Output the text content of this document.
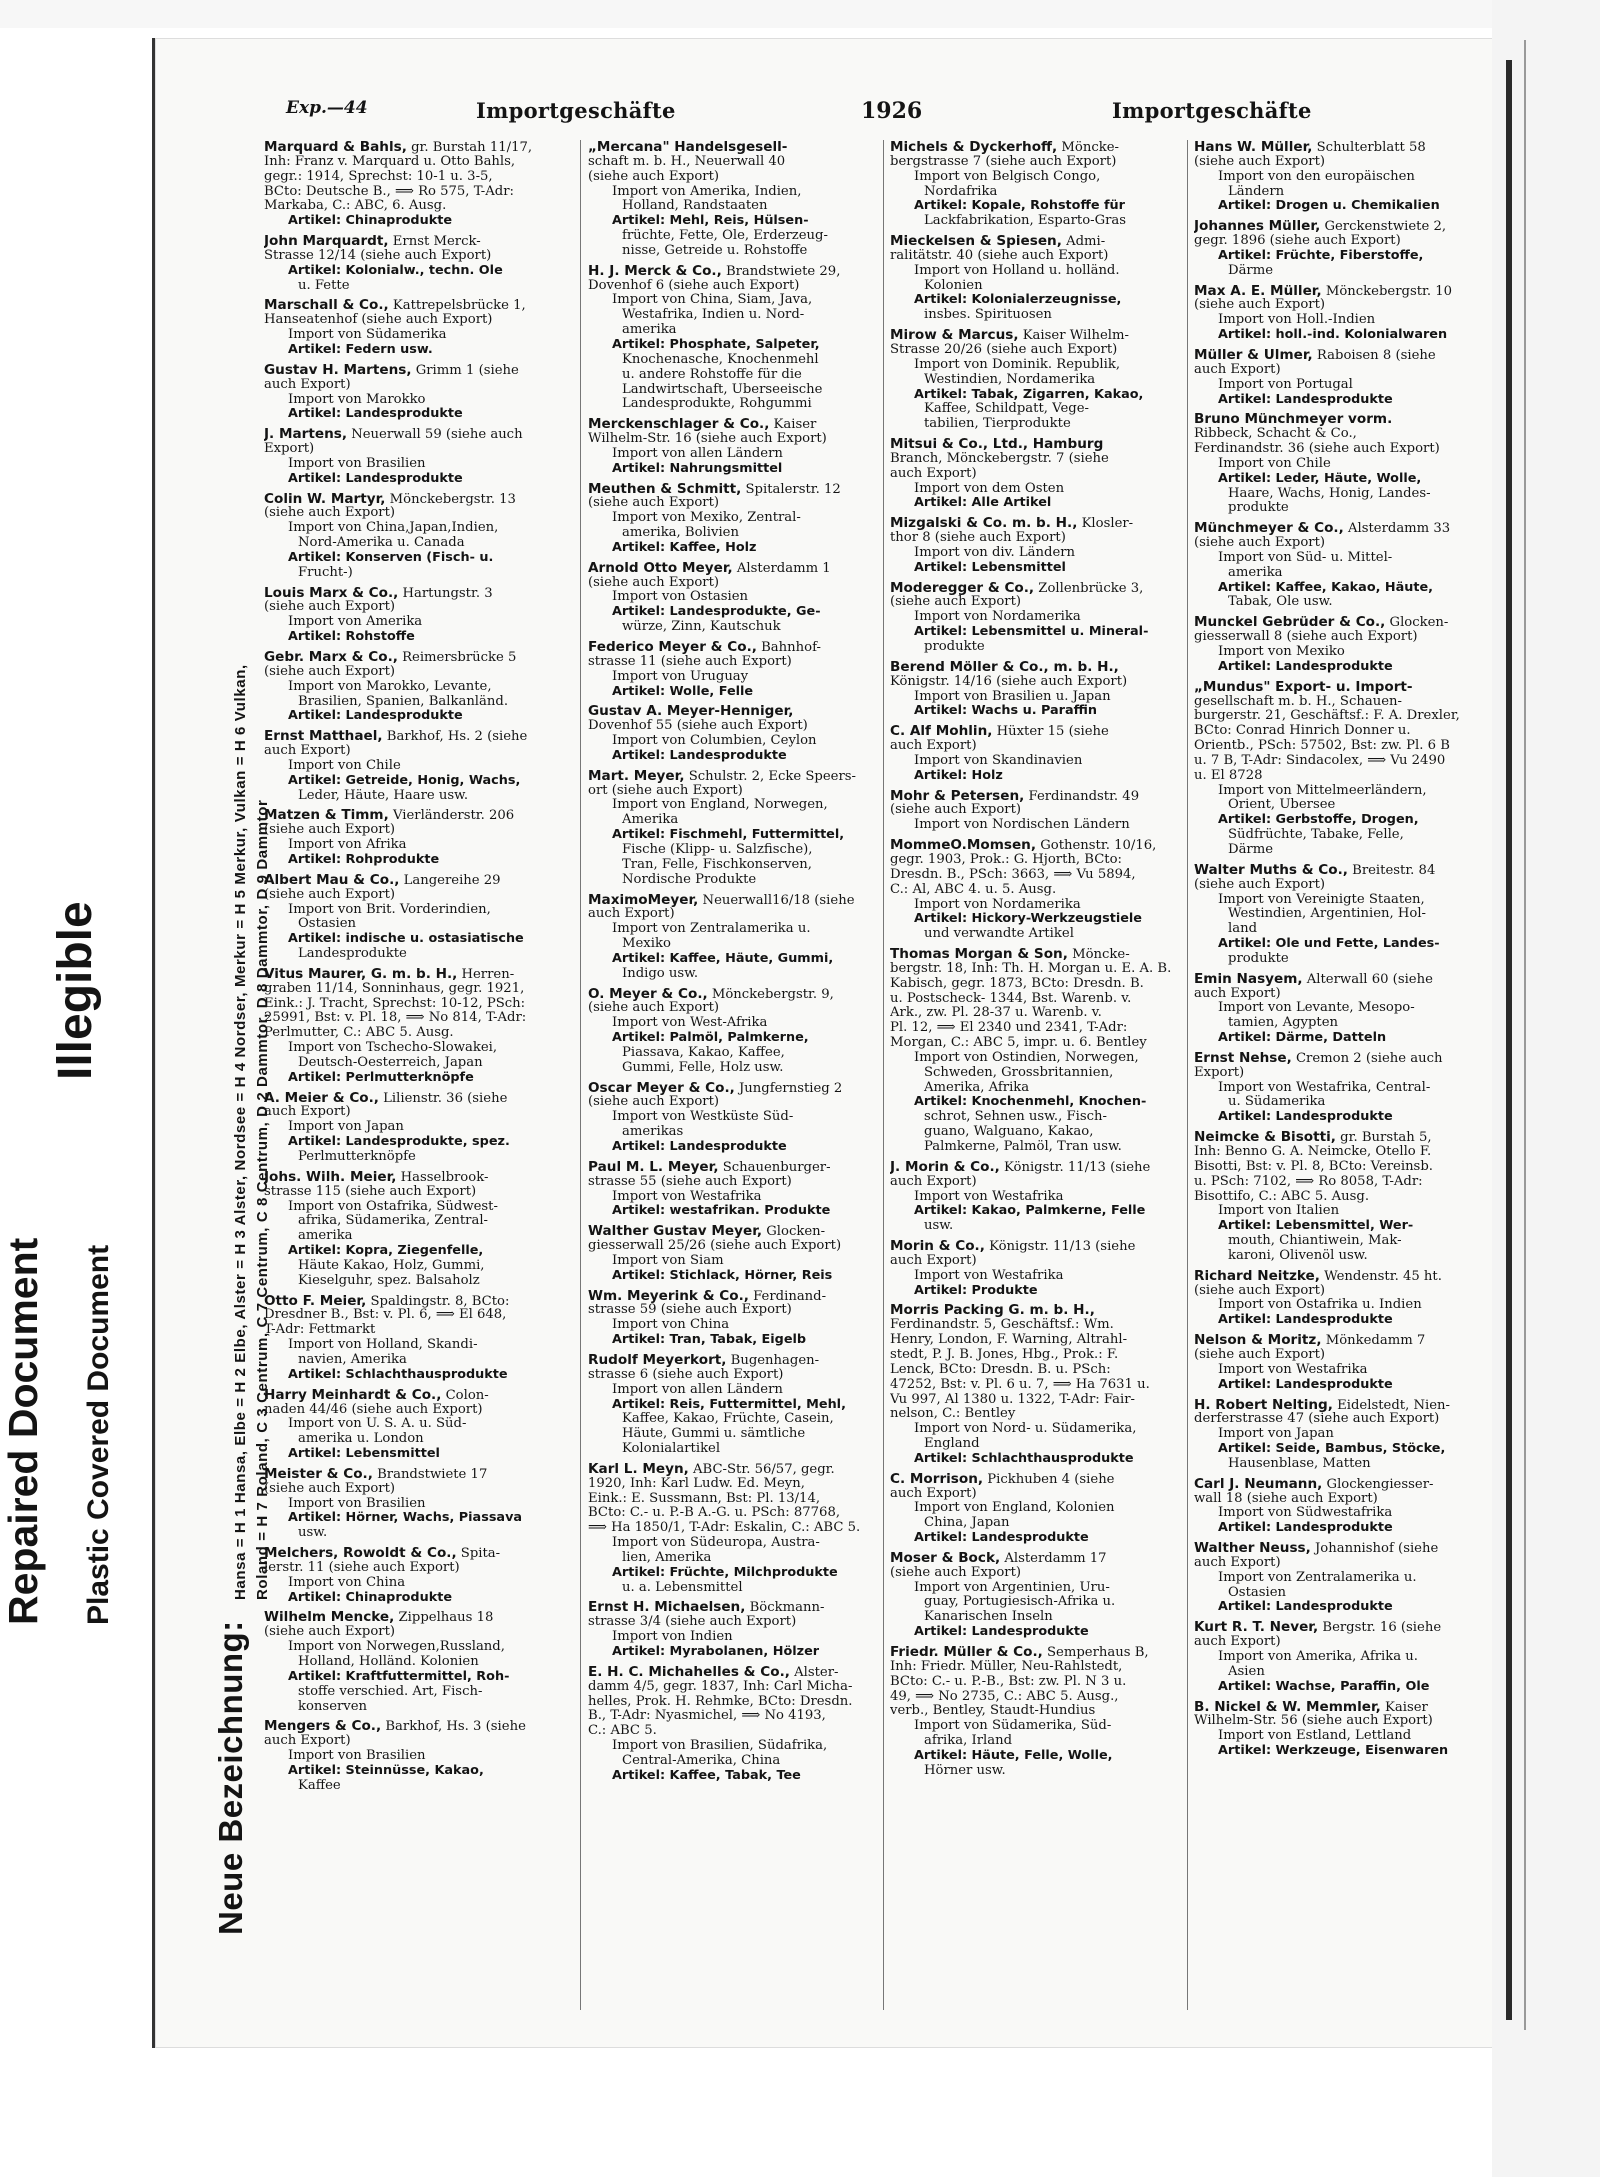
Repaired Document
Illegible
Plastic Covered Document
Neue Bezeichnung:
Hansa = H 1 Hansa, Elbe = H 2 Elbe, Alster = H 3 Alster, Nordsee = H 4 Nordser, Merkur = H 5 Merkur, Vulkan = H 6 Vulkan, Roland = H 7 Roland, C 3 Centrum, C 7 Centrum, C 8 Centrum, D 2 Dammtor, D 8 Dammtor, D 9 Dammtor
Exp.—44	Importgeschäfte	1926	Importgeschäfte
Marquard & Bahls, gr. Burstah 11/17,
Inh: Franz v. Marquard u. Otto Bahls,
gegr.: 1914, Sprechst: 10-1 u. 3-5,
BCto: Deutsche B., ⟹ Ro 575, T-Adr:
Markaba, C.: ABC, 6. Ausg.
Artikel: Chinaprodukte
John Marquardt, Ernst Merck-
Strasse 12/14 (siehe auch Export)
Artikel: Kolonialw., techn. Öle
u. Fette
Marschall & Co., Kattrepelsbrücke 1,
Hanseatenhof (siehe auch Export)
Import von Südamerika
Artikel: Federn usw.
Gustav H. Martens, Grimm 1 (siehe
auch Export)
Import von Marokko
Artikel: Landesprodukte
J. Martens, Neuerwall 59 (siehe auch
Export)
Import von Brasilien
Artikel: Landesprodukte
Colin W. Martyr, Mönckebergstr. 13
(siehe auch Export)
Import von China,Japan,Indien,
Nord-Amerika u. Canada
Artikel: Konserven (Fisch- u.
Frucht-)
Louis Marx & Co., Hartungstr. 3
(siehe auch Export)
Import von Amerika
Artikel: Rohstoffe
Gebr. Marx & Co., Reimersbrücke 5
(siehe auch Export)
Import von Marokko, Levante,
Brasilien, Spanien, Balkanländ.
Artikel: Landesprodukte
Ernst Matthael, Barkhof, Hs. 2 (siehe
auch Export)
Import von Chile
Artikel: Getreide, Honig, Wachs,
Leder, Häute, Haare usw.
Matzen & Timm, Vierländerstr. 206
(siehe auch Export)
Import von Afrika
Artikel: Rohprodukte
Albert Mau & Co., Langereihe 29
(siehe auch Export)
Import von Brit. Vorderindien,
Ostasien
Artikel: indische u. ostasiatische
Landesprodukte
Vitus Maurer, G. m. b. H., Herren-
graben 11/14, Sonninhaus, gegr. 1921,
Eink.: J. Tracht, Sprechst: 10-12, PSch:
25991, Bst: v. Pl. 18, ⟹ No 814, T-Adr:
Perlmutter, C.: ABC 5. Ausg.
Import von Tschecho-Slowakei,
Deutsch-Oesterreich, Japan
Artikel: Perlmutterknöpfe
A. Meier & Co., Lilienstr. 36 (siehe
auch Export)
Import von Japan
Artikel: Landesprodukte, spez.
Perlmutterknöpfe
Johs. Wilh. Meier, Hasselbrook-
strasse 115 (siehe auch Export)
Import von Ostafrika, Südwest-
afrika, Südamerika, Zentral-
amerika
Artikel: Kopra, Ziegenfelle,
Häute Kakao, Holz, Gummi,
Kieselguhr, spez. Balsaholz
Otto F. Meier, Spaldingstr. 8, BCto:
Dresdner B., Bst: v. Pl. 6, ⟹ El 648,
T-Adr: Fettmarkt
Import von Holland, Skandi-
navien, Amerika
Artikel: Schlachthausprodukte
Harry Meinhardt & Co., Colon-
naden 44/46 (siehe auch Export)
Import von U. S. A. u. Süd-
amerika u. London
Artikel: Lebensmittel
Meister & Co., Brandstwiete 17
(siehe auch Export)
Import von Brasilien
Artikel: Hörner, Wachs, Piassava
usw.
Melchers, Rowoldt & Co., Spita-
lerstr. 11 (siehe auch Export)
Import von China
Artikel: Chinaprodukte
Wilhelm Mencke, Zippelhaus 18
(siehe auch Export)
Import von Norwegen,Russland,
Holland, Holländ. Kolonien
Artikel: Kraftfuttermittel, Roh-
stoffe verschied. Art, Fisch-
konserven
Mengers & Co., Barkhof, Hs. 3 (siehe
auch Export)
Import von Brasilien
Artikel: Steinnüsse, Kakao,
Kaffee
„Mercana" Handelsgesell-
schaft m. b. H., Neuerwall 40
(siehe auch Export)
Import von Amerika, Indien,
Holland, Randstaaten
Artikel: Mehl, Reis, Hülsen-
früchte, Fette, Öle, Erderzeug-
nisse, Getreide u. Rohstoffe
H. J. Merck & Co., Brandstwiete 29,
Dovenhof 6 (siehe auch Export)
Import von China, Siam, Java,
Westafrika, Indien u. Nord-
amerika
Artikel: Phosphate, Salpeter,
Knochenasche, Knochenmehl
u. andere Rohstoffe für die
Landwirtschaft, Überseeische
Landesprodukte, Rohgummi
Merckenschlager & Co., Kaiser
Wilhelm-Str. 16 (siehe auch Export)
Import von allen Ländern
Artikel: Nahrungsmittel
Meuthen & Schmitt, Spitalerstr. 12
(siehe auch Export)
Import von Mexiko, Zentral-
amerika, Bolivien
Artikel: Kaffee, Holz
Arnold Otto Meyer, Alsterdamm 1
(siehe auch Export)
Import von Ostasien
Artikel: Landesprodukte, Ge-
würze, Zinn, Kautschuk
Federico Meyer & Co., Bahnhof-
strasse 11 (siehe auch Export)
Import von Uruguay
Artikel: Wolle, Felle
Gustav A. Meyer-Henniger,
Dovenhof 55 (siehe auch Export)
Import von Columbien, Ceylon
Artikel: Landesprodukte
Mart. Meyer, Schulstr. 2, Ecke Speers-
ort (siehe auch Export)
Import von England, Norwegen,
Amerika
Artikel: Fischmehl, Futtermittel,
Fische (Klipp- u. Salzfische),
Tran, Felle, Fischkonserven,
Nordische Produkte
MaximoMeyer, Neuerwall16/18 (siehe
auch Export)
Import von Zentralamerika u.
Mexiko
Artikel: Kaffee, Häute, Gummi,
Indigo usw.
O. Meyer & Co., Mönckebergstr. 9,
(siehe auch Export)
Import von West-Afrika
Artikel: Palmöl, Palmkerne,
Piassava, Kakao, Kaffee,
Gummi, Felle, Holz usw.
Oscar Meyer & Co., Jungfernstieg 2
(siehe auch Export)
Import von Westküste Süd-
amerikas
Artikel: Landesprodukte
Paul M. L. Meyer, Schauenburger-
strasse 55 (siehe auch Export)
Import von Westafrika
Artikel: westafrikan. Produkte
Walther Gustav Meyer, Glocken-
giesserwall 25/26 (siehe auch Export)
Import von Siam
Artikel: Stichlack, Hörner, Reis
Wm. Meyerink & Co., Ferdinand-
strasse 59 (siehe auch Export)
Import von China
Artikel: Tran, Tabak, Eigelb
Rudolf Meyerkort, Bugenhagen-
strasse 6 (siehe auch Export)
Import von allen Ländern
Artikel: Reis, Futtermittel, Mehl,
Kaffee, Kakao, Früchte, Casein,
Häute, Gummi u. sämtliche
Kolonialartikel
Karl L. Meyn, ABC-Str. 56/57, gegr.
1920, Inh: Karl Ludw. Ed. Meyn,
Eink.: E. Sussmann, Bst: Pl. 13/14,
BCto: C.- u. P.-B A.-G. u. PSch: 87768,
⟹ Ha 1850/1, T-Adr: Eskalin, C.: ABC 5.
Import von Südeuropa, Austra-
lien, Amerika
Artikel: Früchte, Milchprodukte
u. a. Lebensmittel
Ernst H. Michaelsen, Böckmann-
strasse 3/4 (siehe auch Export)
Import von Indien
Artikel: Myrabolanen, Hölzer
E. H. C. Michahelles & Co., Alster-
damm 4/5, gegr. 1837, Inh: Carl Micha-
helles, Prok. H. Rehmke, BCto: Dresdn.
B., T-Adr: Nyasmichel, ⟹ No 4193,
C.: ABC 5.
Import von Brasilien, Südafrika,
Central-Amerika, China
Artikel: Kaffee, Tabak, Tee
Michels & Dyckerhoff, Mönckе-
bergstrasse 7 (siehe auch Export)
Import von Belgisch Congo,
Nordafrika
Artikel: Kopale, Rohstoffe für
Lackfabrikation, Esparto-Gras
Mieckelsen & Spiesen, Admi-
ralitätstr. 40 (siehe auch Export)
Import von Holland u. holländ.
Kolonien
Artikel: Kolonialerzeugnisse,
insbes. Spirituosen
Mirow & Marcus, Kaiser Wilhelm-
Strasse 20/26 (siehe auch Export)
Import von Dominik. Republik,
Westindien, Nordamerika
Artikel: Tabak, Zigarren, Kakao,
Kaffee, Schildpatt, Vege-
tabilien, Tierprodukte
Mitsui & Co., Ltd., Hamburg
Branch, Mönckebergstr. 7 (siehe
auch Export)
Import von dem Osten
Artikel: Alle Artikel
Mizgalski & Co. m. b. H., Klosler-
thor 8 (siehe auch Export)
Import von div. Ländern
Artikel: Lebensmittel
Moderegger & Co., Zollenbrücke 3,
(siehe auch Export)
Import von Nordamerika
Artikel: Lebensmittel u. Mineral-
produkte
Berend Möller & Co., m. b. H.,
Königstr. 14/16 (siehe auch Export)
Import von Brasilien u. Japan
Artikel: Wachs u. Paraffin
C. Alf Mohlin, Hüxter 15 (siehe
auch Export)
Import von Skandinavien
Artikel: Holz
Mohr & Petersen, Ferdinandstr. 49
(siehe auch Export)
Import von Nordischen Ländern
MommeO.Momsen, Gothenstr. 10/16,
gegr. 1903, Prok.: G. Hjorth, BCto:
Dresdn. B., PSch: 3663, ⟹ Vu 5894,
C.: Al, ABC 4. u. 5. Ausg.
Import von Nordamerika
Artikel: Hickory-Werkzeugstiele
und verwandte Artikel
Thomas Morgan & Son, Mönckе-
bergstr. 18, Inh: Th. H. Morgan u. E. A. B.
Kabisch, gegr. 1873, BCto: Dresdn. B.
u. Postscheck- 1344, Bst. Warenb. v.
Ark., zw. Pl. 28-37 u. Warenb. v.
Pl. 12, ⟹ El 2340 und 2341, T-Adr:
Morgan, C.: ABC 5, impr. u. 6. Bentley
Import von Ostindien, Norwegen,
Schweden, Grossbritannien,
Amerika, Afrika
Artikel: Knochenmehl, Knochen-
schrot, Sehnen usw., Fisch-
guano, Walguano, Kakao,
Palmkerne, Palmöl, Tran usw.
J. Morin & Co., Königstr. 11/13 (siehe
auch Export)
Import von Westafrika
Artikel: Kakao, Palmkerne, Felle
usw.
Morin & Co., Königstr. 11/13 (siehe
auch Export)
Import von Westafrika
Artikel: Produkte
Morris Packing G. m. b. H.,
Ferdinandstr. 5, Geschäftsf.: Wm.
Henry, London, F. Warning, Altrahl-
stedt, P. J. B. Jones, Hbg., Prok.: F.
Lenck, BCto: Dresdn. B. u. PSch:
47252, Bst: v. Pl. 6 u. 7, ⟹ Ha 7631 u.
Vu 997, Al 1380 u. 1322, T-Adr: Fair-
nelson, C.: Bentley
Import von Nord- u. Südamerika,
England
Artikel: Schlachthausprodukte
C. Morrison, Pickhuben 4 (siehe
auch Export)
Import von England, Kolonien
China, Japan
Artikel: Landesprodukte
Moser & Bock, Alsterdamm 17
(siehe auch Export)
Import von Argentinien, Uru-
guay, Portugiesisch-Afrika u.
Kanarischen Inseln
Artikel: Landesprodukte
Friedr. Müller & Co., Semperhaus B,
Inh: Friedr. Müller, Neu-Rahlstedt,
BCto: C.- u. P.-B., Bst: zw. Pl. N 3 u.
49, ⟹ No 2735, C.: ABC 5. Ausg.,
verb., Bentley, Staudt-Hundius
Import von Südamerika, Süd-
afrika, Irland
Artikel: Häute, Felle, Wolle,
Hörner usw.
Hans W. Müller, Schulterblatt 58
(siehe auch Export)
Import von den europäischen
Ländern
Artikel: Drogen u. Chemikalien
Johannes Müller, Gerckenstwiete 2,
gegr. 1896 (siehe auch Export)
Artikel: Früchte, Fiberstoffe,
Därme
Max A. E. Müller, Mönckebergstr. 10
(siehe auch Export)
Import von Holl.-Indien
Artikel: holl.-ind. Kolonialwaren
Müller & Ulmer, Raboisen 8 (siehe
auch Export)
Import von Portugal
Artikel: Landesprodukte
Bruno Münchmeyer vorm.
Ribbeck, Schacht & Co.,
Ferdinandstr. 36 (siehe auch Export)
Import von Chile
Artikel: Leder, Häute, Wolle,
Haare, Wachs, Honig, Landes-
produkte
Münchmeyer & Co., Alsterdamm 33
(siehe auch Export)
Import von Süd- u. Mittel-
amerika
Artikel: Kaffee, Kakao, Häute,
Tabak, Öle usw.
Munckel Gebrüder & Co., Glocken-
giesserwall 8 (siehe auch Export)
Import von Mexiko
Artikel: Landesprodukte
„Mundus" Export- u. Import-
gesellschaft m. b. H., Schauen-
burgerstr. 21, Geschäftsf.: F. A. Drexler,
BCto: Conrad Hinrich Donner u.
Orientb., PSch: 57502, Bst: zw. Pl. 6 B
u. 7 B, T-Adr: Sindacolex, ⟹ Vu 2490
u. El 8728
Import von Mittelmeerländern,
Orient, Übersee
Artikel: Gerbstoffe, Drogen,
Südfrüchte, Tabake, Felle,
Därme
Walter Muths & Co., Breitestr. 84
(siehe auch Export)
Import von Vereinigte Staaten,
Westindien, Argentinien, Hol-
land
Artikel: Öle und Fette, Landes-
produkte
Emin Nasyem, Alterwall 60 (siehe
auch Export)
Import von Levante, Mesopo-
tamien, Ägypten
Artikel: Därme, Datteln
Ernst Nehse, Cremon 2 (siehe auch
Export)
Import von Westafrika, Central-
u. Südamerika
Artikel: Landesprodukte
Neimcke & Bisotti, gr. Burstah 5,
Inh: Benno G. A. Neimcke, Otello F.
Bisotti, Bst: v. Pl. 8, BCto: Vereinsb.
u. PSch: 7102, ⟹ Ro 8058, T-Adr:
Bisottifo, C.: ABC 5. Ausg.
Import von Italien
Artikel: Lebensmittel, Wer-
mouth, Chiantiwein, Mak-
karoni, Olivenöl usw.
Richard Neitzke, Wendenstr. 45 ht.
(siehe auch Export)
Import von Ostafrika u. Indien
Artikel: Landesprodukte
Nelson & Moritz, Mönkedamm 7
(siehe auch Export)
Import von Westafrika
Artikel: Landesprodukte
H. Robert Nelting, Eidelstedt, Nien-
derferstrasse 47 (siehe auch Export)
Import von Japan
Artikel: Seide, Bambus, Stöcke,
Hausenblase, Matten
Carl J. Neumann, Glockengiesser-
wall 18 (siehe auch Export)
Import von Südwestafrika
Artikel: Landesprodukte
Walther Neuss, Johannishof (siehe
auch Export)
Import von Zentralamerika u.
Ostasien
Artikel: Landesprodukte
Kurt R. T. Never, Bergstr. 16 (siehe
auch Export)
Import von Amerika, Afrika u.
Asien
Artikel: Wachse, Paraffin, Öle
B. Nickel & W. Memmler, Kaiser
Wilhelm-Str. 56 (siehe auch Export)
Import von Estland, Lettland
Artikel: Werkzeuge, Eisenwaren
